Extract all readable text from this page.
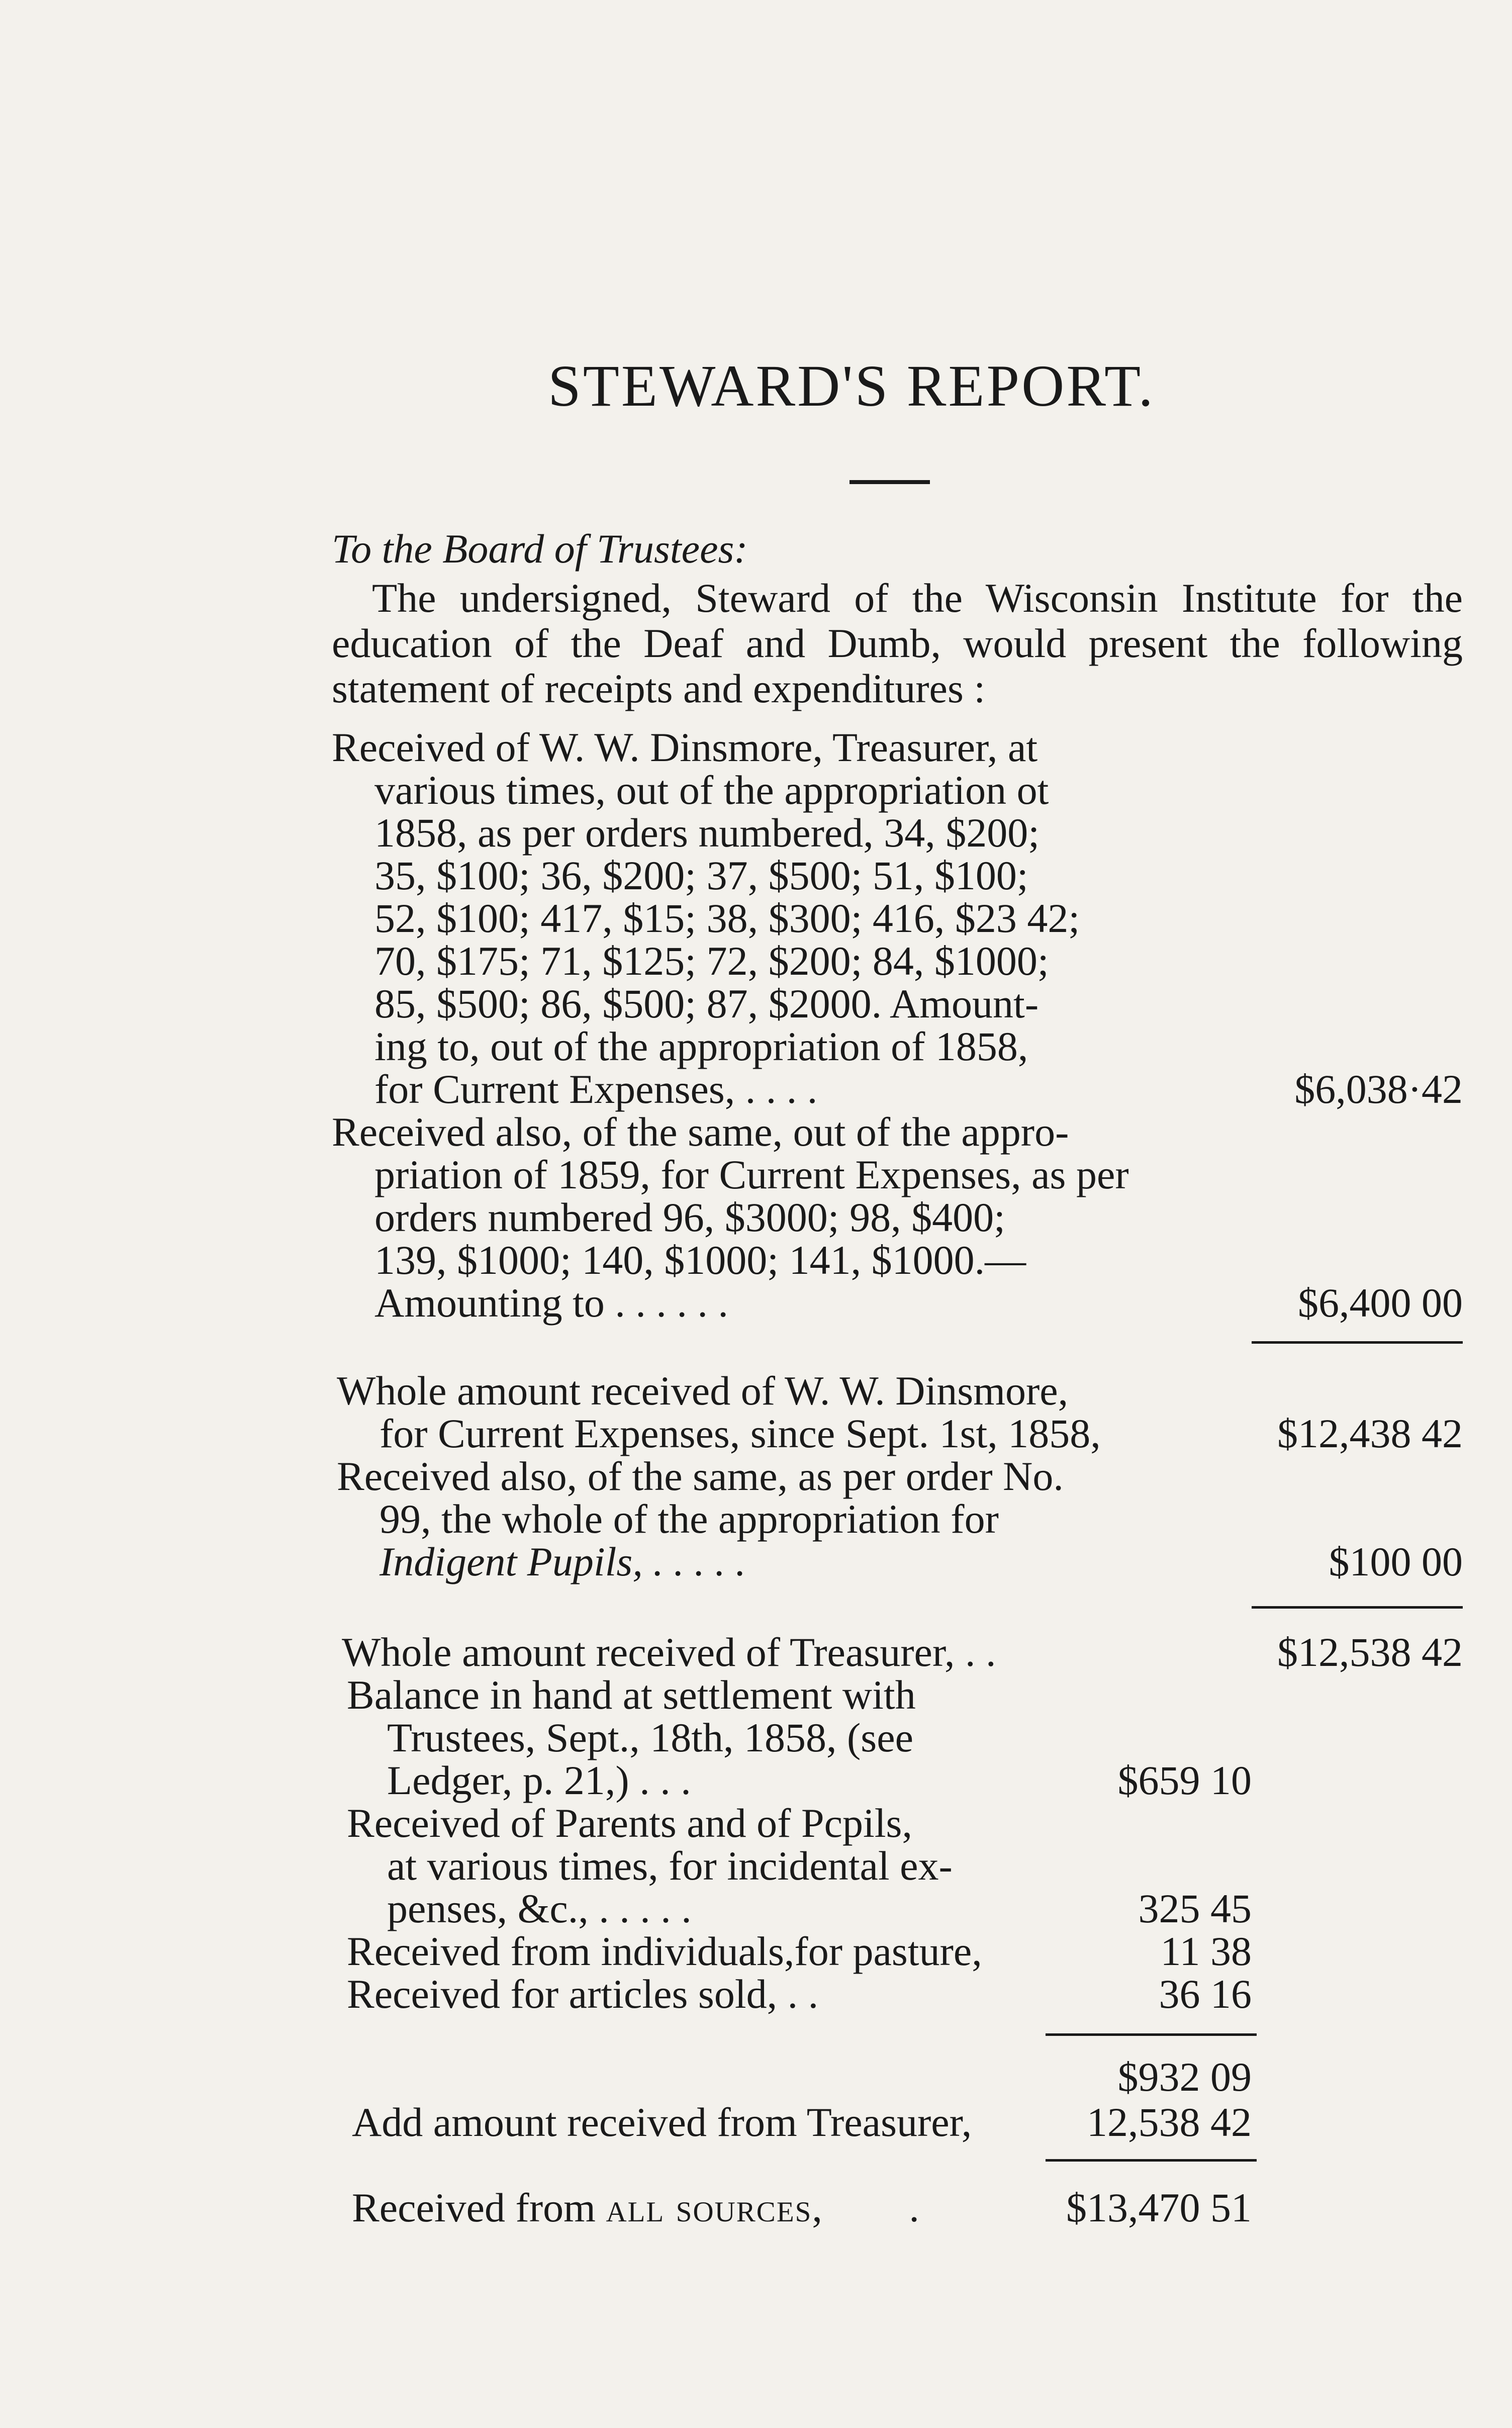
STEWARD'S REPORT.
To the Board of Trustees:
The undersigned, Steward of the Wisconsin Institute for the education of the Deaf and Dumb, would present the following statement of receipts and expenditures :
Received of W. W. Dinsmore, Treasurer, at
various times, out of the appropriation ot
1858, as per orders numbered, 34, $200;
35, $100; 36, $200; 37, $500; 51, $100;
52, $100; 417, $15; 38, $300; 416, $23 42;
70, $175; 71, $125; 72, $200; 84, $1000;
85, $500; 86, $500; 87, $2000. Amount-
ing to, out of the appropriation of 1858,
for Current Expenses, . . . .	$6,038·42
Received also, of the same, out of the appro-
priation of 1859, for Current Expenses, as per
orders numbered 96, $3000; 98, $400;
139, $1000; 140, $1000; 141, $1000.—
Amounting to . . . . . .	$6,400 00
Whole amount received of W. W. Dinsmore,
for Current Expenses, since Sept. 1st, 1858,	$12,438 42
Received also, of the same, as per order No.
99, the whole of the appropriation for
Indigent Pupils, . . . . .	$100 00
Whole amount received of Treasurer, . .	$12,538 42
Balance in hand at settlement with
Trustees, Sept., 18th, 1858, (see
Ledger, p. 21,) . . .	$659 10
Received of Parents and of Pcpils,
at various times, for incidental ex-
penses, &c., . . . . .	325 45
Received from individuals,for pasture,	11 38
Received for articles sold, . .	36 16
$932 09
Add amount received from Treasurer,	12,538 42
Received from all sources, .	$13,470 51
